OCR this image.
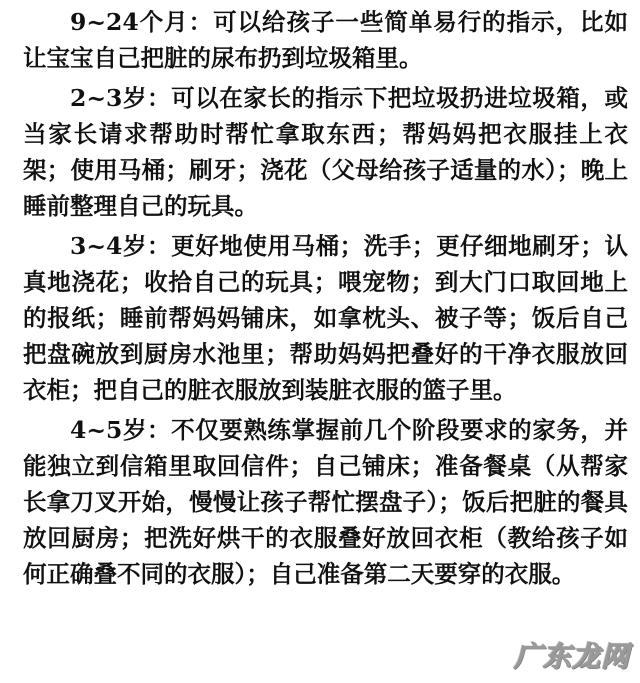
9~24个月：可以给孩子一些简单易行的指示，比如让宝宝自己把脏的尿布扔到垃圾箱里。

2~3岁：可以在家长的指示下把垃圾扔进垃圾箱，或当家长请求帮助时帮忙拿取东西；帮妈妈把衣服挂上衣架；使用马桶；刷牙；浇花（父母给孩子适量的水）；晚上睡前整理自己的玩具。

3~4岁：更好地使用马桶；洗手；更仔细地刷牙；认真地浇花；收拾自己的玩具；喂宠物；到大门口取回地上的报纸；睡前帮妈妈铺床，如拿枕头、被子等；饭后自己把盘碗放到厨房水池里；帮助妈妈把叠好的干净衣服放回衣柜；把自己的脏衣服放到装脏衣服的篮子里。

4~5岁：不仅要熟练掌握前几个阶段要求的家务，并能独立到信箱里取回信件；自己铺床；准备餐桌（从帮家长拿刀叉开始，慢慢让孩子帮忙摆盘子）；饭后把脏的餐具放回厨房；把洗好烘干的衣服叠好放回衣柜（教给孩子如何正确叠不同的衣服）；自己准备第二天要穿的衣服。

广东龙网
